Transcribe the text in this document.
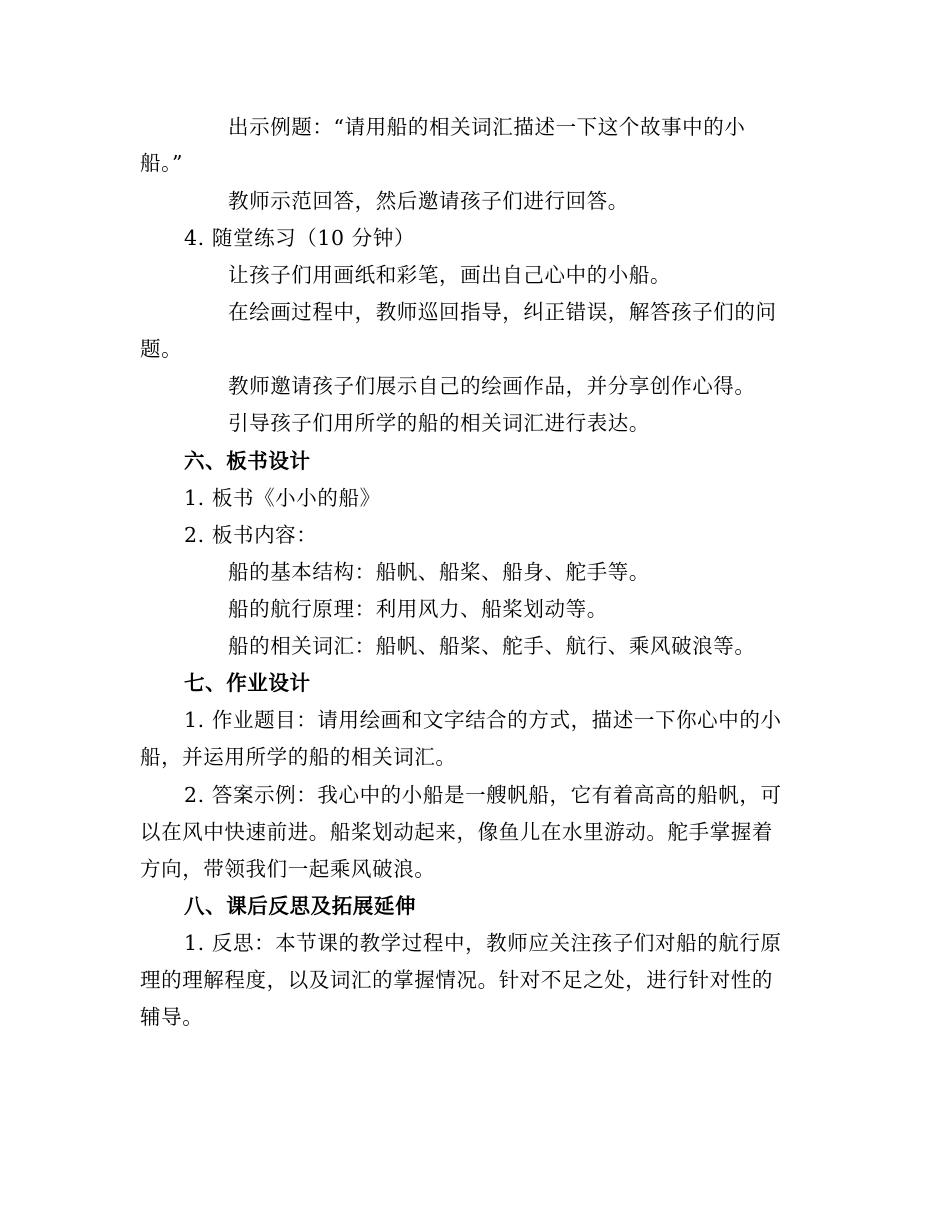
出示例题：“请用船的相关词汇描述一下这个故事中的小
船。”
教师示范回答，然后邀请孩子们进行回答。
4. 随堂练习（10 分钟）
让孩子们用画纸和彩笔，画出自己心中的小船。
在绘画过程中，教师巡回指导，纠正错误，解答孩子们的问
题。
教师邀请孩子们展示自己的绘画作品，并分享创作心得。
引导孩子们用所学的船的相关词汇进行表达。
六、板书设计
1. 板书《小小的船》
2. 板书内容：
船的基本结构：船帆、船桨、船身、舵手等。
船的航行原理：利用风力、船桨划动等。
船的相关词汇：船帆、船桨、舵手、航行、乘风破浪等。
七、作业设计
1. 作业题目：请用绘画和文字结合的方式，描述一下你心中的小
船，并运用所学的船的相关词汇。
2. 答案示例：我心中的小船是一艘帆船，它有着高高的船帆，可
以在风中快速前进。船桨划动起来，像鱼儿在水里游动。舵手掌握着
方向，带领我们一起乘风破浪。
八、课后反思及拓展延伸
1. 反思：本节课的教学过程中，教师应关注孩子们对船的航行原
理的理解程度，以及词汇的掌握情况。针对不足之处，进行针对性的
辅导。
